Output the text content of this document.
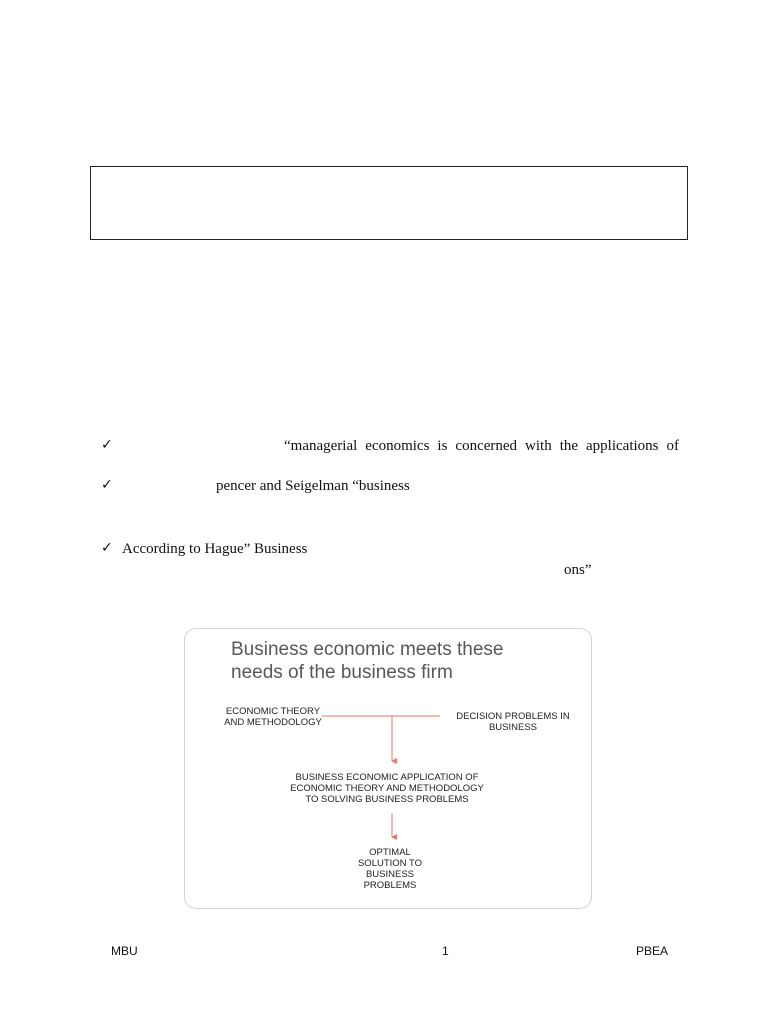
✓	“managerial economics is concerned with the applications of
✓	pencer and Seigelman “business
✓ According to Hague” Business
ons”
Business economic meets these
needs of the business firm
ECONOMIC THEORY
AND METHODOLOGY
DECISION PROBLEMS IN
BUSINESS
BUSINESS ECONOMIC APPLICATION OF
ECONOMIC THEORY AND METHODOLOGY
TO SOLVING BUSINESS PROBLEMS
OPTIMAL
SOLUTION TO
BUSINESS
PROBLEMS
MBU	1	PBEA
